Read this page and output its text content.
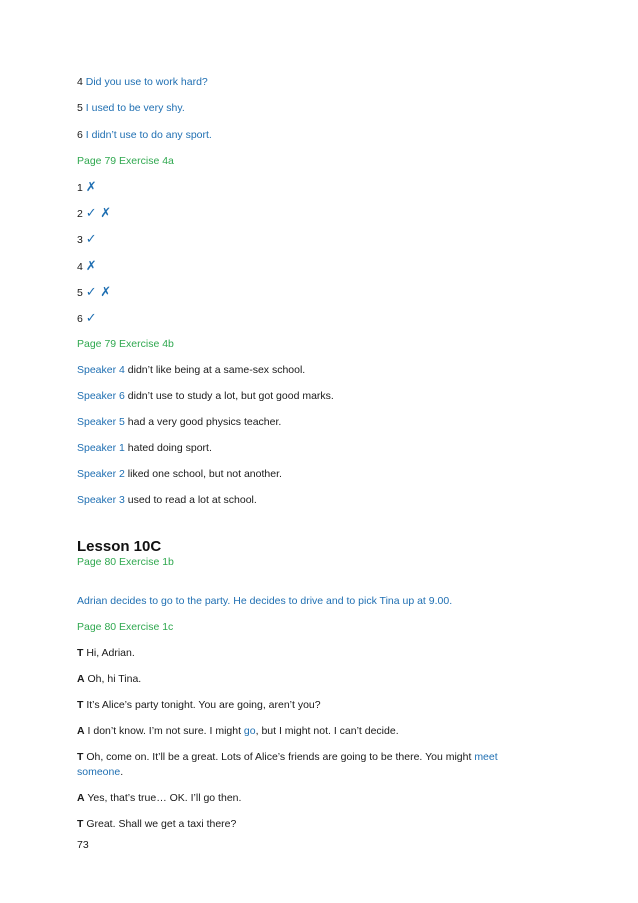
4 Did you use to work hard?
5 I used to be very shy.
6 I didn’t use to do any sport.
Page 79 Exercise 4a
1 ✗
2 ✓ ✗
3 ✓
4 ✗
5 ✓ ✗
6 ✓
Page 79 Exercise 4b
Speaker 4 didn’t like being at a same-sex school.
Speaker 6 didn’t use to study a lot, but got good marks.
Speaker 5 had a very good physics teacher.
Speaker 1 hated doing sport.
Speaker 2 liked one school, but not another.
Speaker 3 used to read a lot at school.
Lesson 10C
Page 80 Exercise 1b
Adrian decides to go to the party. He decides to drive and to pick Tina up at 9.00.
Page 80 Exercise 1c
T Hi, Adrian.
A Oh, hi Tina.
T It’s Alice’s party tonight. You are going, aren’t you?
A I don’t know. I’m not sure. I might go, but I might not. I can’t decide.
T Oh, come on. It’ll be a great. Lots of Alice’s friends are going to be there. You might meet
someone.
A Yes, that’s true… OK. I’ll go then.
T Great. Shall we get a taxi there?
73
